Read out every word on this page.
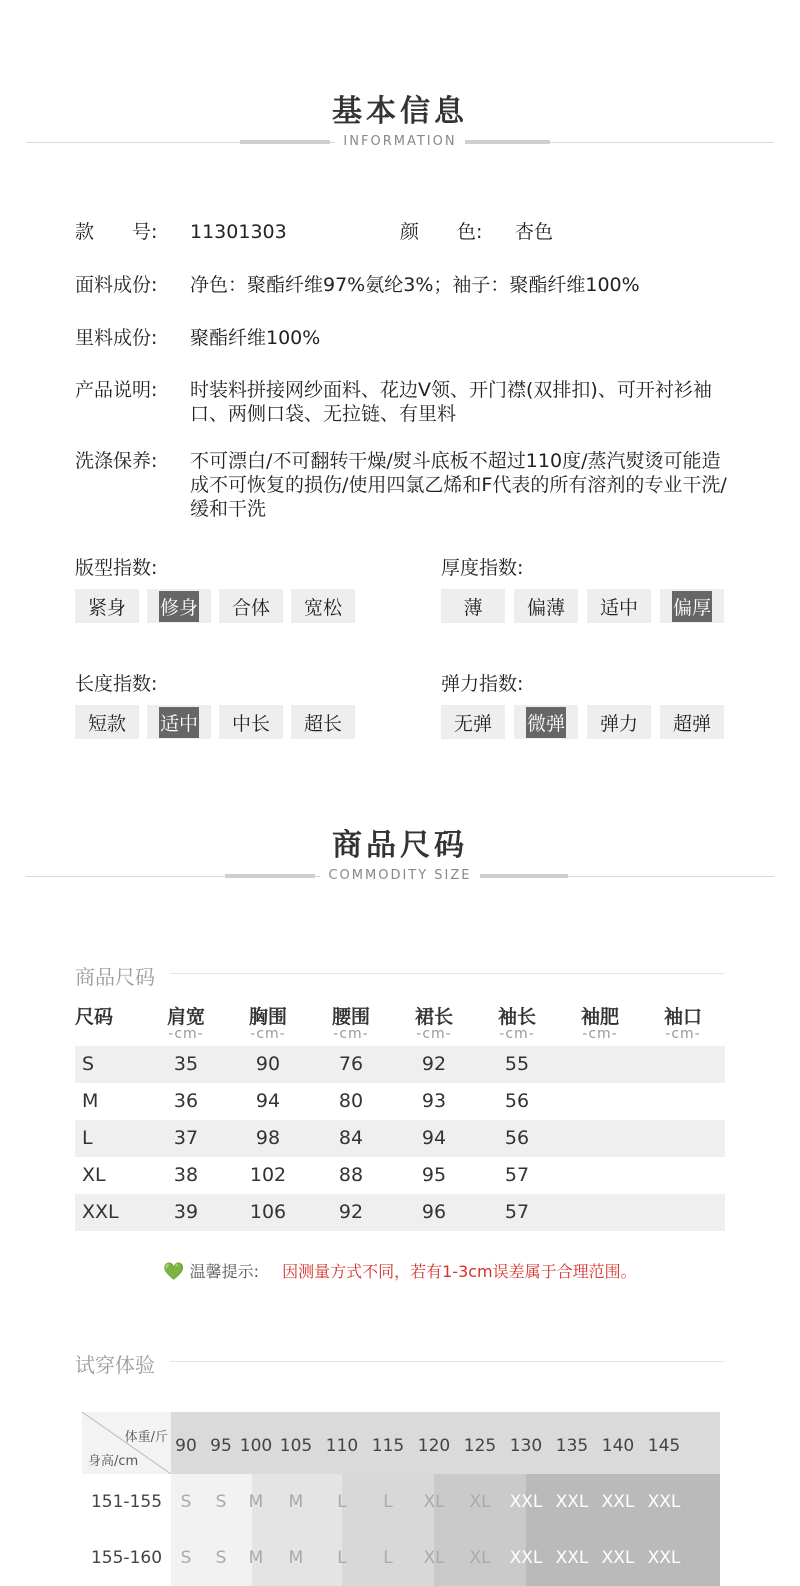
基本信息
INFORMATION
款　　号:	11301303	颜　　色: 杏色
面料成份:	净色：聚酯纤维97%氨纶3%；袖子：聚酯纤维100%
里料成份:	聚酯纤维100%
产品说明:	时装料拼接网纱面料、花边V领、开门襟(双排扣)、可开衬衫袖口、两侧口袋、无拉链、有里料
洗涤保养:	不可漂白/不可翻转干燥/熨斗底板不超过110度/蒸汽熨烫可能造成不可恢复的损伤/使用四氯乙烯和F代表的所有溶剂的专业干洗/缓和干洗
版型指数:
紧身 修身 合体 宽松
厚度指数:
薄 偏薄 适中 偏厚
长度指数:
短款 适中 中长 超长
弹力指数:
无弹 微弹 弹力 超弹
商品尺码
COMMODITY SIZE
商品尺码
尺码	肩宽	胸围	腰围	裙长	袖长	袖肥	袖口
-cm-	-cm-	-cm-	-cm-	-cm-	-cm-	-cm-
S	35	90	76	92	55
M	36	94	80	93	56
L	37	98	84	94	56
XL	38	102	88	95	57
XXL	39	106	92	96	57
💚 温馨提示: 因测量方式不同，若有1-3cm误差属于合理范围。
试穿体验
体重/斤
身高/cm
90 95 100 105 110 115 120 125 130 135 140 145
151-155	S	S	M	M	L	L	XL	XL	XXL XXL XXL XXL
155-160	S	S	M	M	L	L	XL	XL	XXL XXL XXL XXL
